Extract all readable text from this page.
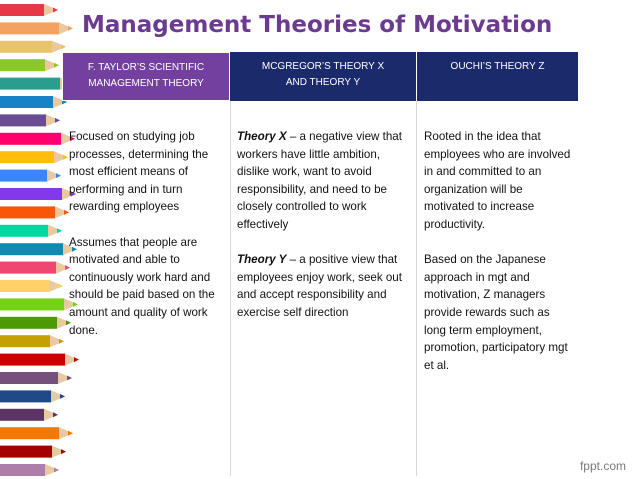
Management Theories of Motivation
F. TAYLOR’S SCIENTIFIC
MANAGEMENT THEORY
MCGREGOR’S THEORY X
AND THEORY Y
OUCHI’S THEORY Z

Focused on studying job processes, determining the most efficient means of performing and in turn rewarding employees

Assumes that people are motivated and able to continuously work hard and should be paid based on the amount and quality of work done.

Theory X – a negative view that workers have little ambition, dislike work, want to avoid responsibility, and need to be closely controlled to work effectively

Theory Y – a positive view that employees enjoy work, seek out and accept responsibility and exercise self direction

Rooted in the idea that employees who are involved in and committed to an organization will be motivated to increase productivity.

Based on the Japanese approach in mgt and motivation, Z managers provide rewards such as long term employment, promotion, participatory mgt et al.

fppt.com
